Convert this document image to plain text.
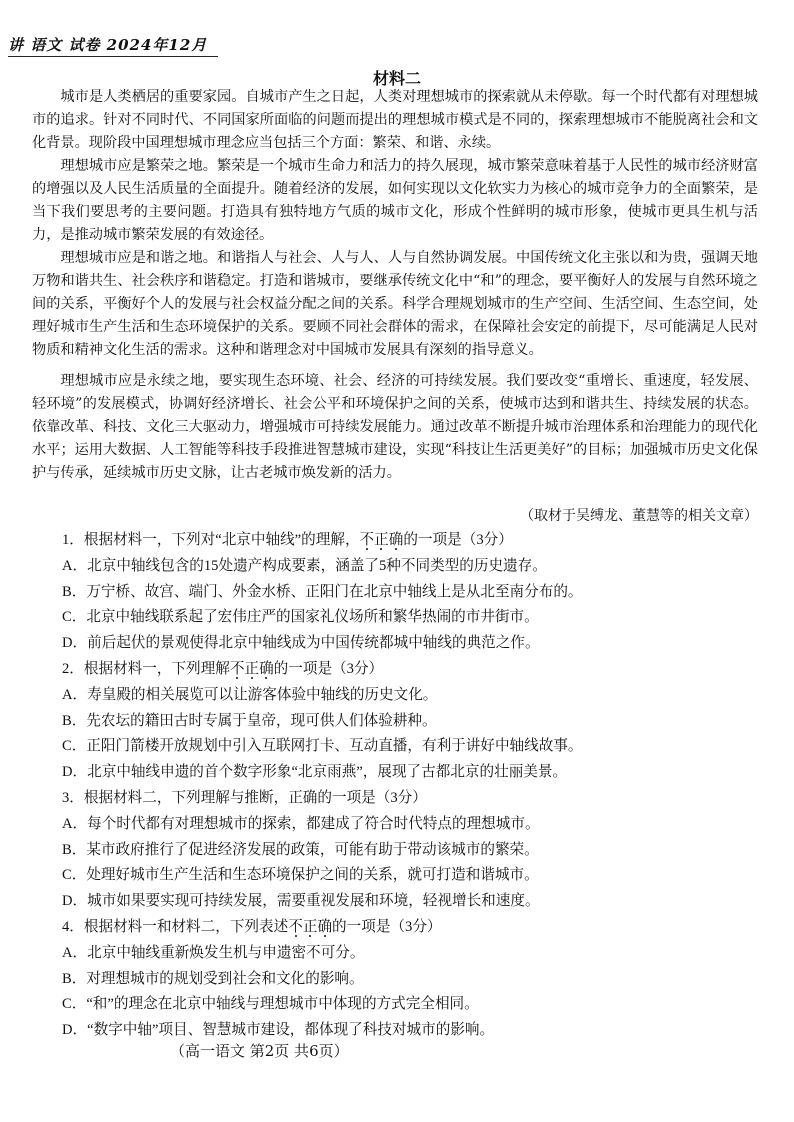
讲 语文 试卷 2024年12月
材料二

城市是人类栖居的重要家园。自城市产生之日起，人类对理想城市的探索就从未停歇。每一个时代都有对理想城市的追求。针对不同时代、不同国家所面临的问题而提出的理想城市模式是不同的，探索理想城市不能脱离社会和文化背景。现阶段中国理想城市理念应当包括三个方面：繁荣、和谐、永续。

理想城市应是繁荣之地。繁荣是一个城市生命力和活力的持久展现，城市繁荣意味着基于人民性的城市经济财富的增强以及人民生活质量的全面提升。随着经济的发展，如何实现以文化软实力为核心的城市竞争力的全面繁荣，是当下我们要思考的主要问题。打造具有独特地方气质的城市文化，形成个性鲜明的城市形象，使城市更具生机与活力，是推动城市繁荣发展的有效途径。

理想城市应是和谐之地。和谐指人与社会、人与人、人与自然协调发展。中国传统文化主张以和为贵，强调天地万物和谐共生、社会秩序和谐稳定。打造和谐城市，要继承传统文化中“和”的理念，要平衡好人的发展与自然环境之间的关系，平衡好个人的发展与社会权益分配之间的关系。科学合理规划城市的生产空间、生活空间、生态空间，处理好城市生产生活和生态环境保护的关系。要顾不同社会群体的需求，在保障社会安定的前提下，尽可能满足人民对物质和精神文化生活的需求。这种和谐理念对中国城市发展具有深刻的指导意义。

理想城市应是永续之地，要实现生态环境、社会、经济的可持续发展。我们要改变“重增长、重速度，轻发展、轻环境”的发展模式，协调好经济增长、社会公平和环境保护之间的关系，使城市达到和谐共生、持续发展的状态。依靠改革、科技、文化三大驱动力，增强城市可持续发展能力。通过改革不断提升城市治理体系和治理能力的现代化水平；运用大数据、人工智能等科技手段推进智慧城市建设，实现“科技让生活更美好”的目标；加强城市历史文化保护与传承，延续城市历史文脉，让古老城市焕发新的活力。

（取材于吴缚龙、董慧等的相关文章）
1．根据材料一，下列对“北京中轴线”的理解，不正确的一项是（3分）
A．北京中轴线包含的15处遗产构成要素，涵盖了5种不同类型的历史遗存。
B．万宁桥、故宫、端门、外金水桥、正阳门在北京中轴线上是从北至南分布的。
C．北京中轴线联系起了宏伟庄严的国家礼仪场所和繁华热闹的市井街市。
D．前后起伏的景观使得北京中轴线成为中国传统都城中轴线的典范之作。
2．根据材料一，下列理解不正确的一项是（3分）
A．寿皇殿的相关展览可以让游客体验中轴线的历史文化。
B．先农坛的籍田古时专属于皇帝，现可供人们体验耕种。
C．正阳门箭楼开放规划中引入互联网打卡、互动直播，有利于讲好中轴线故事。
D．北京中轴线申遗的首个数字形象“北京雨燕”，展现了古都北京的壮丽美景。
3．根据材料二，下列理解与推断，正确的一项是（3分）
A．每个时代都有对理想城市的探索，都建成了符合时代特点的理想城市。
B．某市政府推行了促进经济发展的政策，可能有助于带动该城市的繁荣。
C．处理好城市生产生活和生态环境保护之间的关系，就可打造和谐城市。
D．城市如果要实现可持续发展，需要重视发展和环境，轻视增长和速度。
4．根据材料一和材料二，下列表述不正确的一项是（3分）
A．北京中轴线重新焕发生机与申遗密不可分。
B．对理想城市的规划受到社会和文化的影响。
C．“和”的理念在北京中轴线与理想城市中体现的方式完全相同。
D．“数字中轴”项目、智慧城市建设，都体现了科技对城市的影响。
（高一语文 第2页 共6页）
